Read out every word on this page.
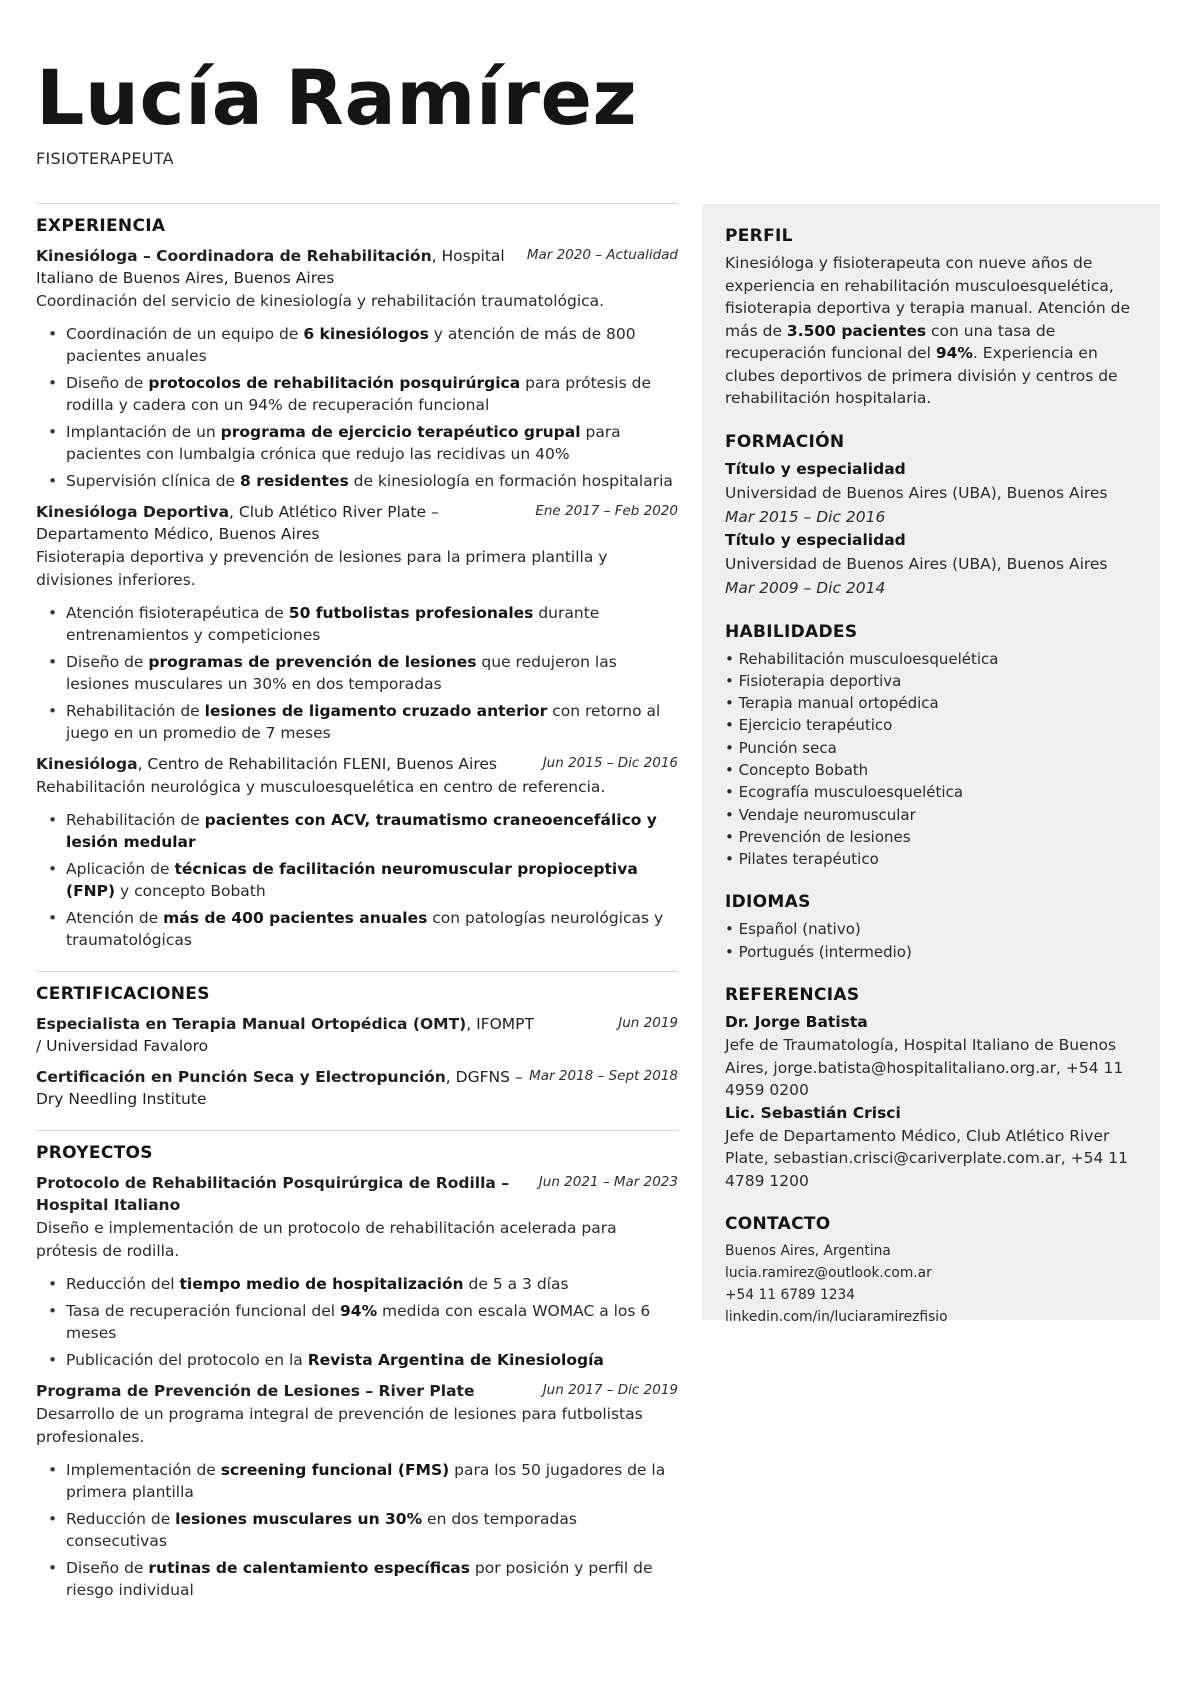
Lucía Ramírez
FISIOTERAPEUTA
EXPERIENCIA
Kinesióloga – Coordinadora de Rehabilitación, Hospital Italiano de Buenos Aires, Buenos Aires
Mar 2020 – Actualidad
Coordinación del servicio de kinesiología y rehabilitación traumatológica.
• Coordinación de un equipo de 6 kinesiólogos y atención de más de 800 pacientes anuales
• Diseño de protocolos de rehabilitación posquirúrgica para prótesis de rodilla y cadera con un 94% de recuperación funcional
• Implantación de un programa de ejercicio terapéutico grupal para pacientes con lumbalgia crónica que redujo las recidivas un 40%
• Supervisión clínica de 8 residentes de kinesiología en formación hospitalaria
Kinesióloga Deportiva, Club Atlético River Plate – Departamento Médico, Buenos Aires
Ene 2017 – Feb 2020
Fisioterapia deportiva y prevención de lesiones para la primera plantilla y divisiones inferiores.
• Atención fisioterapéutica de 50 futbolistas profesionales durante entrenamientos y competiciones
• Diseño de programas de prevención de lesiones que redujeron las lesiones musculares un 30% en dos temporadas
• Rehabilitación de lesiones de ligamento cruzado anterior con retorno al juego en un promedio de 7 meses
Kinesióloga, Centro de Rehabilitación FLENI, Buenos Aires	Jun 2015 – Dic 2016
Rehabilitación neurológica y musculoesquelética en centro de referencia.
• Rehabilitación de pacientes con ACV, traumatismo craneoencefálico y lesión medular
• Aplicación de técnicas de facilitación neuromuscular propioceptiva (FNP) y concepto Bobath
• Atención de más de 400 pacientes anuales con patologías neurológicas y traumatológicas
CERTIFICACIONES
Especialista en Terapia Manual Ortopédica (OMT), IFOMPT / Universidad Favaloro
Jun 2019
Certificación en Punción Seca y Electropunción, DGFNS – Dry Needling Institute
Mar 2018 – Sept 2018
PROYECTOS
Protocolo de Rehabilitación Posquirúrgica de Rodilla – Hospital Italiano
Jun 2021 – Mar 2023
Diseño e implementación de un protocolo de rehabilitación acelerada para prótesis de rodilla.
• Reducción del tiempo medio de hospitalización de 5 a 3 días
• Tasa de recuperación funcional del 94% medida con escala WOMAC a los 6 meses
• Publicación del protocolo en la Revista Argentina de Kinesiología
Programa de Prevención de Lesiones – River Plate	Jun 2017 – Dic 2019
Desarrollo de un programa integral de prevención de lesiones para futbolistas profesionales.
• Implementación de screening funcional (FMS) para los 50 jugadores de la primera plantilla
• Reducción de lesiones musculares un 30% en dos temporadas consecutivas
• Diseño de rutinas de calentamiento específicas por posición y perfil de riesgo individual
PERFIL

Kinesióloga y fisioterapeuta con nueve años de experiencia en rehabilitación musculoesquelética, fisioterapia deportiva y terapia manual. Atención de más de 3.500 pacientes con una tasa de recuperación funcional del 94%. Experiencia en clubes deportivos de primera división y centros de rehabilitación hospitalaria.

FORMACIÓN
Título y especialidad
Universidad de Buenos Aires (UBA), Buenos Aires
Mar 2015 – Dic 2016
Título y especialidad
Universidad de Buenos Aires (UBA), Buenos Aires
Mar 2009 – Dic 2014
HABILIDADES
• Rehabilitación musculoesquelética
• Fisioterapia deportiva
• Terapia manual ortopédica
• Ejercicio terapéutico
• Punción seca
• Concepto Bobath
• Ecografía musculoesquelética
• Vendaje neuromuscular
• Prevención de lesiones
• Pilates terapéutico
IDIOMAS
• Español (nativo)
• Portugués (intermedio)
REFERENCIAS
Dr. Jorge Batista
Jefe de Traumatología, Hospital Italiano de Buenos Aires, jorge.batista@hospitalitaliano.org.ar, +54 11 4959 0200
Lic. Sebastián Crisci
Jefe de Departamento Médico, Club Atlético River Plate, sebastian.crisci@cariverplate.com.ar, +54 11 4789 1200
CONTACTO
Buenos Aires, Argentina
lucia.ramirez@outlook.com.ar
+54 11 6789 1234
linkedin.com/in/luciaramirezfisio
